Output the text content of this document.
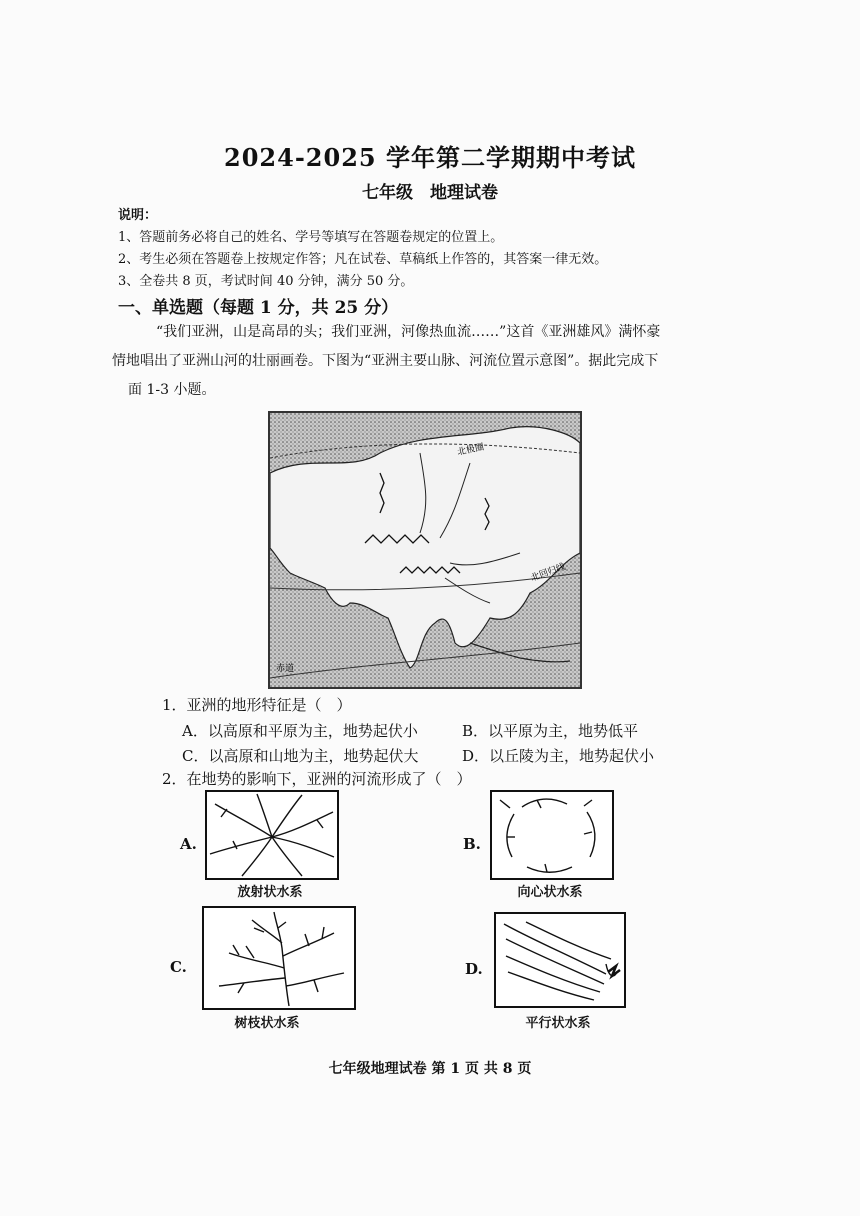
2024-2025 学年第二学期期中考试
七年级　地理试卷
说明：
1、答题前务必将自己的姓名、学号等填写在答题卷规定的位置上。
2、考生必须在答题卷上按规定作答；凡在试卷、草稿纸上作答的，其答案一律无效。
3、全卷共 8 页，考试时间 40 分钟，满分 50 分。
一、单选题（每题 1 分，共 25 分）
“我们亚洲，山是高昂的头；我们亚洲，河像热血流……”这首《亚洲雄风》满怀豪
情地唱出了亚洲山河的壮丽画卷。下图为“亚洲主要山脉、河流位置示意图”。据此完成下
面 1-3 小题。
北极圈
北回归线
赤道
1．亚洲的地形特征是（　）
A．以高原和平原为主，地势起伏小	B．以平原为主，地势低平
C．以高原和山地为主，地势起伏大	D．以丘陵为主，地势起伏小
2．在地势的影响下，亚洲的河流形成了（　）
A.
放射状水系
B.
向心状水系
C.
树枝状水系
D.
平行状水系
七年级地理试卷 第 1 页 共 8 页
